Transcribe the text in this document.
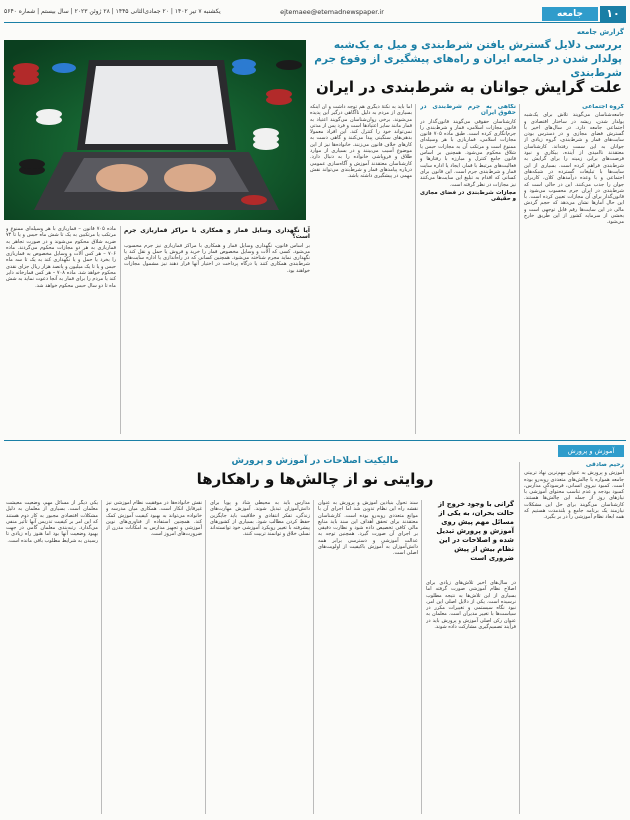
۱۰
جامعه
ejtemaee@etemadnewspaper.ir
یکشنبه ۷ تیر ۱۴۰۲ | ۲۰ جمادی‌الثانی ۱۴۴۵ | ۲۸ ژوئن ۲۰۲۳ | سال بیستم | شماره ۵۶۴۰
گزارش جامعه
بررسی دلایل گسترش یافتن شرط‌بندی و میل به یک‌شبه پولدار شدن در جامعه ایران و راه‌های پیشگیری از وقوع جرم شرط‌بندی
علت گرایش جوانان به شرط‌بندی در ایران
گروه اجتماعی
جامعه‌شناسان می‌گویند تلاش برای یک‌شبه پولدار شدن، ریشه در ساختار اقتصادی و اجتماعی جامعه دارد. در سال‌های اخیر با گسترش فضای مجازی و در دسترس بودن سایت‌های قمار و شرط‌بندی، گروه زیادی از جوانان به این سمت رفته‌اند. کارشناسان معتقدند ناامیدی از آینده، بیکاری و نبود فرصت‌های برابر، زمینه را برای گرایش به شرط‌بندی فراهم کرده است. بسیاری از این سایت‌ها با تبلیغات گسترده در شبکه‌های اجتماعی و با وعده درآمدهای کلان، کاربران جوان را جذب می‌کنند. این در حالی است که شرط‌بندی در ایران جرم محسوب می‌شود و قانون‌گذار برای آن مجازات تعیین کرده است. با این حال آمارها نشان می‌دهد که حجم گردش مالی در این سایت‌ها رقم قابل توجهی است و بخشی از سرمایه کشور از این طریق خارج می‌شود.
نگاهی به جرم شرط‌بندی در حقوق ایران
کارشناسان حقوقی می‌گویند قانون‌گذار در قانون مجازات اسلامی، قمار و شرط‌بندی را جرم‌انگاری کرده است. طبق ماده ۷۰۵ قانون مجازات اسلامی، قماربازی با هر وسیله‌ای ممنوع است و مرتکب آن به مجازات حبس یا شلاق محکوم می‌شود. همچنین بر اساس قانون جامع کنترل و مبارزه با رفتارها و فعالیت‌های مرتبط با قمار، ایجاد یا اداره سایت قمار و شرط‌بندی جرم است. این قانون برای کسانی که اقدام به تبلیغ این سایت‌ها می‌کنند نیز مجازات در نظر گرفته است.
مجازات شرط‌بندی در فضای مجازی و حقیقی
اما باید به نکتۀ دیگری هم توجه داشت و آن اینکه بسیاری از مردم به دلیل ناآگاهی درگیر این پدیده می‌شوند. برخی روان‌شناسان می‌گویند اعتیاد به قمار مانند سایر اعتیادها است و فرد پس از مدتی نمی‌تواند خود را کنترل کند. این افراد معمولا بدهی‌های سنگینی پیدا می‌کنند و گاهی دست به کارهای خلاف قانون می‌زنند. خانواده‌ها نیز از این موضوع آسیب می‌بینند و در بسیاری از موارد طلاق و فروپاشی خانواده را به دنبال دارد. کارشناسان معتقدند آموزش و آگاه‌سازی عمومی درباره پیامدهای قمار و شرط‌بندی می‌تواند نقش مهمی در پیشگیری داشته باشد.
آیا نگهداری وسایل قمار و همکاری با مراکز قماربازی جرم است؟
بر اساس قانون، نگهداری وسایل قمار و همکاری با مراکز قماربازی نیز جرم محسوب می‌شود. کسی که آلات و وسایل مخصوص قمار را خرید و فروش یا حمل و نقل کند یا نگهداری نماید مجرم شناخته می‌شود. همچنین کسانی که در راه‌اندازی یا اداره سایت‌های شرط‌بندی همکاری کنند یا درگاه پرداخت در اختیار آنها قرار دهند نیز مشمول مجازات خواهند بود.
ماده ۷۰۵ قانون – قماربازی با هر وسیله‌ای ممنوع و مرتکب یا مرتکبین به یک تا شش ماه حبس و یا تا ۷۴ ضربه شلاق محکوم می‌شوند و در صورت تجاهر به قماربازی به هر دو مجازات محکوم می‌گردند. ماده ۷۰۶ – هر کس آلات و وسایل مخصوص به قماربازی را بخرد یا حمل و یا نگهداری کند به یک تا سه ماه حبس و یا تا یک میلیون و پانصد هزار ریال جزای نقدی محکوم خواهد شد. ماده ۷۰۸ – هر کس قمارخانه دایر کند یا مردم را برای قمار به آنجا دعوت نماید به شش ماه تا دو سال حبس محکوم خواهد شد.
آموزش و پرورش
مالیکیت اصلاحات در آموزش و پرورش
روایتی نو از چالش‌ها و راهکارها
رحیم صادقی
آموزش و پرورش به عنوان مهم‌ترین نهاد تربیتی جامعه همواره با چالش‌های متعددی روبه‌رو بوده است. کمبود نیروی انسانی، فرسودگی مدارس، کمبود بودجه و عدم تناسب محتوای آموزشی با نیازهای روز از جمله این چالش‌ها هستند. کارشناسان می‌گویند برای حل این مشکلات نیازمند یک برنامه جامع و بلندمدت هستیم که همه ابعاد نظام آموزشی را در بر بگیرد.
گرانی با وجود خروج از حالت بحران، به یکی از مسائل مهم پیش روی آموزش و پرورش تبدیل شده و اصلاحات در این نظام بیش از پیش ضروری است
در سال‌های اخیر تلاش‌های زیادی برای اصلاح نظام آموزشی صورت گرفته اما بسیاری از این تلاش‌ها به نتیجه مطلوب نرسیده است. یکی از دلایل اصلی این امر، نبود نگاه سیستمی و تغییرات مکرر در سیاست‌ها با تغییر مدیران است. معلمان به عنوان رکن اصلی آموزش و پرورش باید در فرآیند تصمیم‌گیری مشارکت داده شوند.
سند تحول بنیادین آموزش و پرورش به عنوان نقشه راه این نظام تدوین شد اما اجرای آن با موانع متعددی روبه‌رو بوده است. کارشناسان معتقدند برای تحقق اهداف این سند باید منابع مالی کافی تخصیص داده شود و نظارت دقیقی بر اجرای آن صورت گیرد. همچنین توجه به عدالت آموزشی و دسترسی برابر همه دانش‌آموزان به آموزش باکیفیت از اولویت‌های اصلی است.
مدارس باید به محیطی شاد و پویا برای دانش‌آموزان تبدیل شوند. آموزش مهارت‌های زندگی، تفکر انتقادی و خلاقیت باید جایگزین حفظ کردن مطالب شود. بسیاری از کشورهای پیشرفته با تغییر رویکرد آموزشی خود توانسته‌اند نسلی خلاق و توانمند تربیت کنند.
نقش خانواده‌ها در موفقیت نظام آموزشی نیز غیرقابل انکار است. همکاری میان مدرسه و خانواده می‌تواند به بهبود کیفیت آموزش کمک کند. همچنین استفاده از فناوری‌های نوین آموزشی و تجهیز مدارس به امکانات مدرن از ضرورت‌های امروز است.
یکی دیگر از مسائل مهم، وضعیت معیشت معلمان است. بسیاری از معلمان به دلیل مشکلات اقتصادی مجبور به کار دوم هستند که این امر بر کیفیت تدریس آنها تاثیر منفی می‌گذارد. رتبه‌بندی معلمان گامی در جهت بهبود وضعیت آنها بود اما هنوز راه زیادی تا رسیدن به شرایط مطلوب باقی مانده است.
